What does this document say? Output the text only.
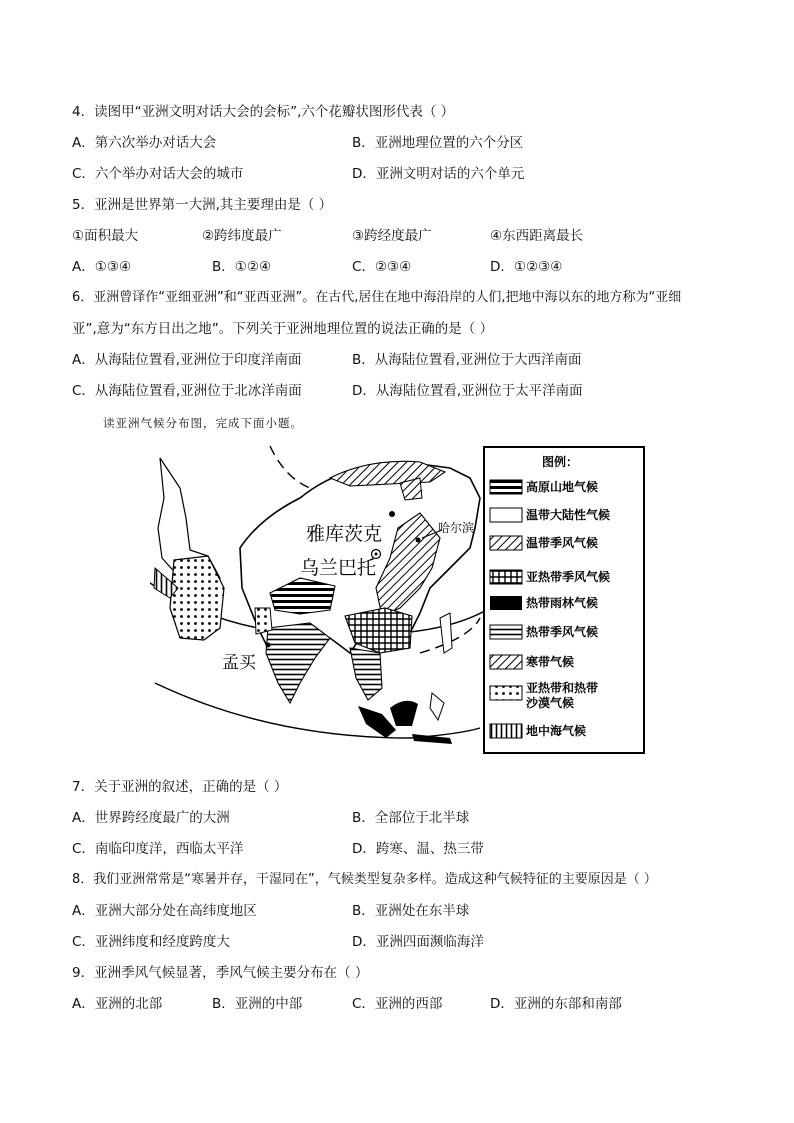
4．读图甲“亚洲文明对话大会的会标”,六个花瓣状图形代表（ ）
A．第六次举办对话大会	B．亚洲地理位置的六个分区
C．六个举办对话大会的城市	D．亚洲文明对话的六个单元
5．亚洲是世界第一大洲,其主要理由是（ ）
①面积最大	②跨纬度最广	③跨经度最广	④东西距离最长
A．①③④	B．①②④	C．②③④	D．①②③④
6．亚洲曾译作“亚细亚洲”和“亚西亚洲”。在古代,居住在地中海沿岸的人们,把地中海以东的地方称为“亚细
亚”,意为“东方日出之地”。下列关于亚洲地理位置的说法正确的是（ ）
A．从海陆位置看,亚洲位于印度洋南面	B．从海陆位置看,亚洲位于大西洋南面
C．从海陆位置看,亚洲位于北冰洋南面	D．从海陆位置看,亚洲位于太平洋南面
读亚洲气候分布图，完成下面小题。
雅库茨克
乌兰巴托
孟买
哈尔滨
图例：
高原山地气候
温带大陆性气候
温带季风气候
亚热带季风气候
热带雨林气候
热带季风气候
寒带气候
亚热带和热带
沙漠气候
地中海气候
7．关于亚洲的叙述，正确的是（ ）
A．世界跨经度最广的大洲	B．全部位于北半球
C．南临印度洋，西临太平洋	D．跨寒、温、热三带
8．我们亚洲常常是“寒暑并存，干湿同在”，气候类型复杂多样。造成这种气候特征的主要原因是（ ）
A．亚洲大部分处在高纬度地区	B．亚洲处在东半球
C．亚洲纬度和经度跨度大	D．亚洲四面濒临海洋
9．亚洲季风气候显著，季风气候主要分布在（ ）
A．亚洲的北部	B．亚洲的中部	C．亚洲的西部	D．亚洲的东部和南部
